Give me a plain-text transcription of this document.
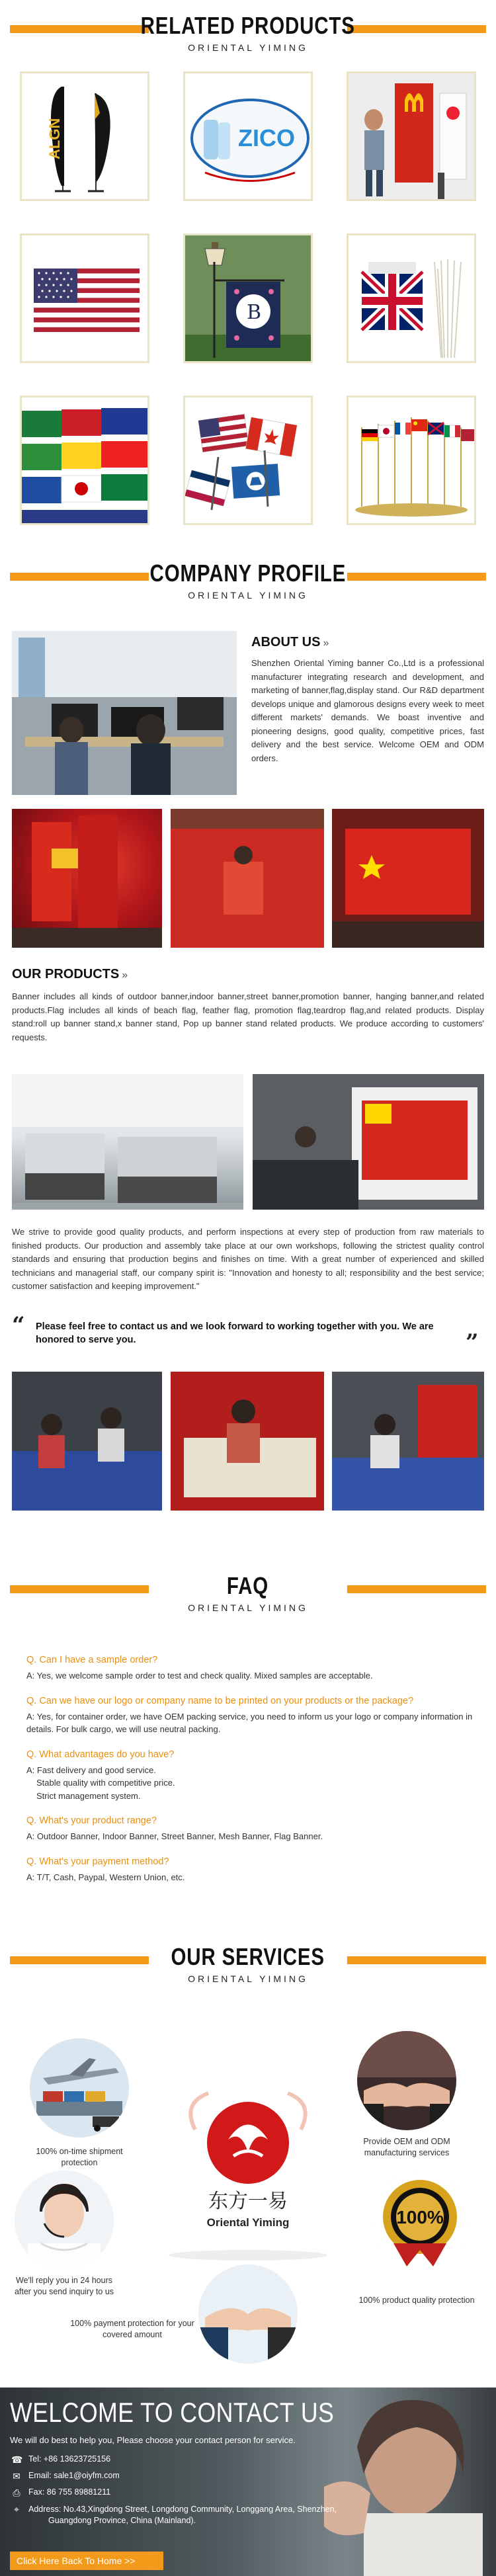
RELATED PRODUCTS
ORIENTAL YIMING
ALGN	ZICO
B
COMPANY PROFILE
ORIENTAL YIMING
ABOUT US »
Shenzhen Oriental Yiming banner Co.,Ltd is a professional manufacturer integrating research and development, and marketing of banner,flag,display stand. Our R&D department develops unique and glamorous designs every week to meet different markets' demands. We boast inventive and pioneering designs, good quality, competitive prices, fast delivery and the best service. Welcome OEM and ODM orders.
OUR PRODUCTS »
Banner includes all kinds of outdoor banner,indoor banner,street banner,promotion banner, hanging banner,and related products.Flag includes all kinds of beach flag, feather flag, promotion flag,teardrop flag,and related products. Display stand:roll up banner stand,x banner stand, Pop up banner stand related products. We produce according to customers' requests.
We strive to provide good quality products, and perform inspections at every step of production from raw materials to finished products. Our production and assembly take place at our own workshops, following the strictest quality control standards and ensuring that production begins and finishes on time. With a great number of experienced and skilled technicians and managerial staff, our company spirit is: "Innovation and honesty to all; responsibility and the best service; customer satisfaction and keeping improvement."
“	Please feel free to contact us and we look forward to working together with you. We are honored to serve you.	”
FAQ
ORIENTAL YIMING
Q. Can I have a sample order?
A: Yes, we welcome sample order to test and check quality. Mixed samples are acceptable.
Q. Can we have our logo or company name to be printed on your products or the package?
A: Yes, for container order, we have OEM packing service, you need to inform us your logo or company information in details. For bulk cargo, we will use neutral packing.
Q. What advantages do you have?
A: Fast delivery and good service.
Stable quality with competitive price.
Strict management system.
Q. What's your product range?
A: Outdoor Banner, Indoor Banner, Street Banner, Mesh Banner, Flag Banner.
Q. What's your payment method?
A: T/T, Cash, Paypal, Western Union, etc.
OUR SERVICES
ORIENTAL YIMING
100% on-time shipment protection
Provide OEM and ODM manufacturing services
东方一易
Oriental Yiming
We'll reply you in 24 hours after you send inquiry to us
100%
100% product quality protection
100% payment protection for your covered amount
WELCOME TO CONTACT US
We will do best to help you, Please choose your contact person for service.
☎ Tel: +86 13623725156
✉ Email: sale1@oiyfm.com
⎙ Fax: 86 755 89881211
⌖	Address: No.43,Xingdong Street, Longdong Community, Longgang Area, Shenzhen,
Guangdong Province, China (Mainland).
Click Here Back To Home >>
